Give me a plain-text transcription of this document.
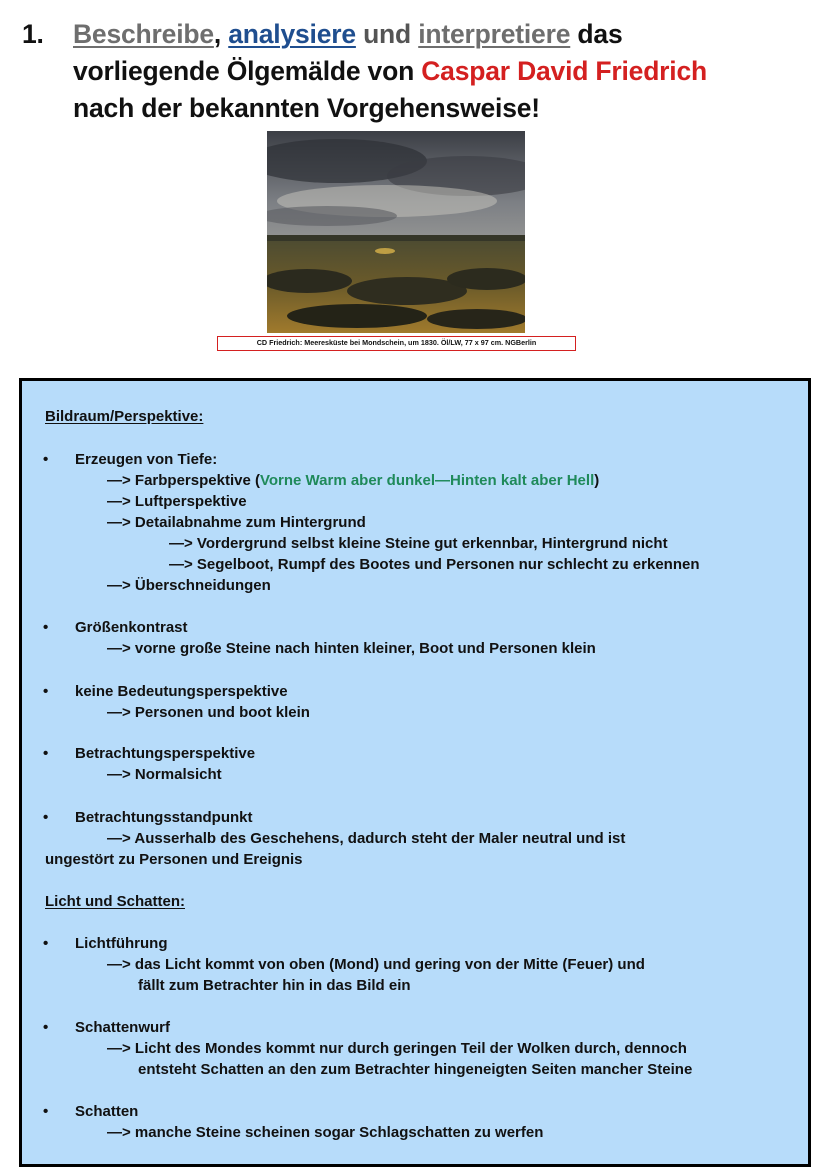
1. Beschreibe, analysiere und interpretiere das
vorliegende Ölgemälde von Caspar David Friedrich
nach der bekannten Vorgehensweise!
CD Friedrich: Meeresküste bei Mondschein, um 1830. Öl/LW, 77 x 97 cm. NGBerlin
Bildraum/Perspektive:
• Erzeugen von Tiefe:
—> Farbperspektive (Vorne Warm aber dunkel—Hinten kalt aber Hell)
—> Luftperspektive
—> Detailabnahme zum Hintergrund
—> Vordergrund selbst kleine Steine gut erkennbar, Hintergrund nicht
—> Segelboot, Rumpf des Bootes und Personen nur schlecht zu erkennen
—> Überschneidungen
• Größenkontrast
—> vorne große Steine nach hinten kleiner, Boot und Personen klein
• keine Bedeutungsperspektive
—> Personen und boot klein
• Betrachtungsperspektive
—> Normalsicht
• Betrachtungsstandpunkt
—> Ausserhalb des Geschehens, dadurch steht der Maler neutral und ist
ungestört zu Personen und Ereignis
Licht und Schatten:
• Lichtführung
—> das Licht kommt von oben (Mond) und gering von der Mitte (Feuer) und
fällt zum Betrachter hin in das Bild ein
• Schattenwurf
—> Licht des Mondes kommt nur durch geringen Teil der Wolken durch, dennoch
entsteht Schatten an den zum Betrachter hingeneigten Seiten mancher Steine
• Schatten
—> manche Steine scheinen sogar Schlagschatten zu werfen
